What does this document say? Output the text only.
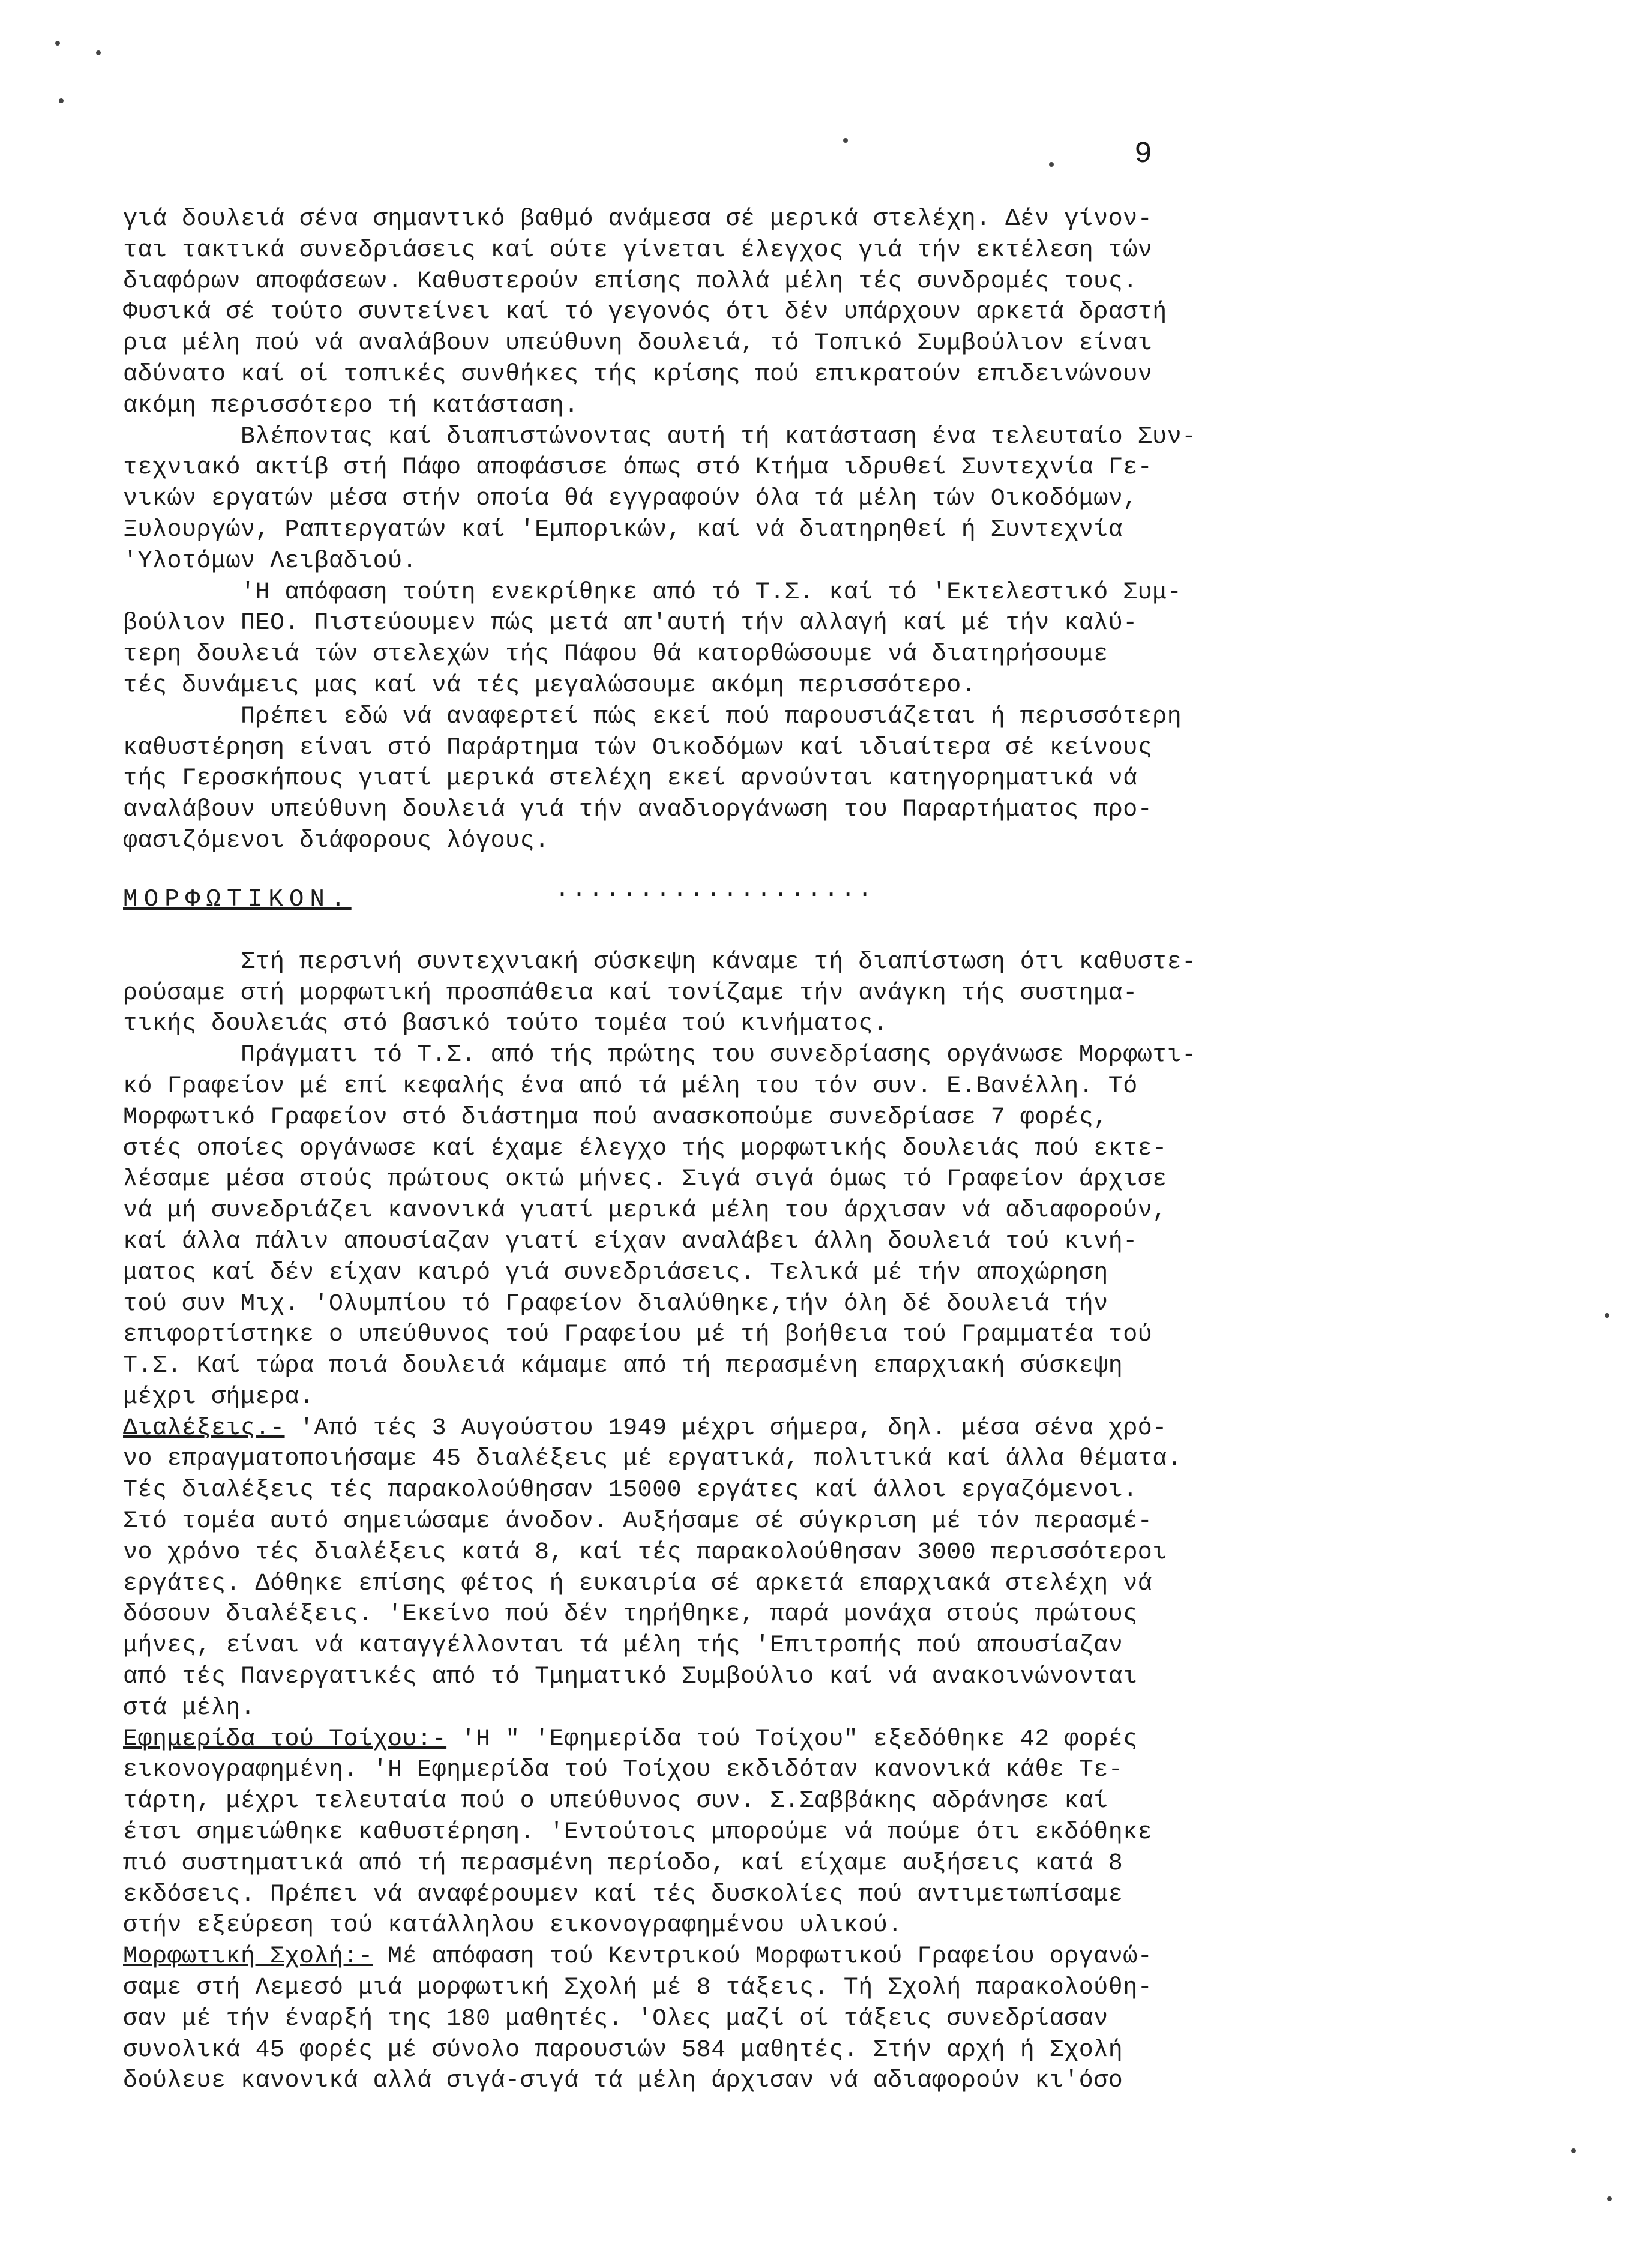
9

γιά δουλειά σένα σημαντικό βαθμό ανάμεσα σέ μερικά στελέχη. Δέν γίνον-
ται τακτικά συνεδριάσεις καί ούτε γίνεται έλεγχος γιά τήν εκτέλεση τών
διαφόρων αποφάσεων. Καθυστερούν επίσης πολλά μέλη τές συνδρομές τους.
Φυσικά σέ τούτο συντείνει καί τό γεγονός ότι δέν υπάρχουν αρκετά δραστή
ρια μέλη πού νά αναλάβουν υπεύθυνη δουλειά, τό Τοπικό Συμβούλιον είναι
αδύνατο καί οί τοπικές συνθήκες τής κρίσης πού επικρατούν επιδεινώνουν
ακόμη περισσότερο τή κατάσταση.

Βλέποντας καί διαπιστώνοντας αυτή τή κατάσταση ένα τελευταίο Συν-
τεχνιακό ακτίβ στή Πάφο απoφάσισε όπως στό Κτήμα ιδρυθεί Συντεχνία Γε-
νικών εργατών μέσα στήν οποία θά εγγραφούν όλα τά μέλη τών Οικοδόμων,
Ξυλουργών, Ραπτεργατών καί 'Εμπορικών, καί νά διατηρηθεί ή Συντεχνία
'Υλοτόμων Λειβαδιού.

'Η απόφαση τούτη ενεκρίθηκε από τό Τ.Σ. καί τό 'Εκτελεστικό Συμ-
βούλιον ΠΕΟ. Πιστεύουμεν πώς μετά απ'αυτή τήν αλλαγή καί μέ τήν καλύ-
τερη δουλειά τών στελεχών τής Πάφου θά κατορθώσουμε νά διατηρήσουμε
τές δυνάμεις μας καί νά τές μεγαλώσουμε ακόμη περισσότερο.

Πρέπει εδώ νά αναφερτεί πώς εκεί πού παρουσιάζεται ή περισσότερη
καθυστέρηση είναι στό Παράρτημα τών Οικοδόμων καί ιδιαίτερα σέ κείνους
τής Γεροσκήπους γιατί μερικά στελέχη εκεί αρνούνται κατηγορηματικά νά
αναλάβουν υπεύθυνη δουλειά γιά τήν αναδιοργάνωση του Παραρτήματος προ-
φασιζόμενοι διάφορους λόγους.

ΜΟΡΦΩΤΙΚΟΝ.	...................

Στή περσινή συντεχνιακή σύσκεψη κάναμε τή διαπίστωση ότι καθυστε-
ρούσαμε στή μορφωτική προσπάθεια καί τονίζαμε τήν ανάγκη τής συστημα-
τικής δουλειάς στό βασικό τούτο τομέα τού κινήματος.

Πράγματι τό Τ.Σ. από τής πρώτης του συνεδρίασης οργάνωσε Μορφωτι-
κό Γραφείον μέ επί κεφαλής ένα από τά μέλη του τόν συν. Ε.Βανέλλη. Τό
Μορφωτικό Γραφείον στό διάστημα πού ανασκοπούμε συνεδρίασε 7 φορές,
στές οποίες οργάνωσε καί έχαμε έλεγχο τής μορφωτικής δουλειάς πού εκτε-
λέσαμε μέσα στούς πρώτους οκτώ μήνες. Σιγά σιγά όμως τό Γραφείον άρχισε
νά μή συνεδριάζει κανονικά γιατί μερικά μέλη του άρχισαν νά αδιαφορούν,
καί άλλα πάλιν απουσίαζαν γιατί είχαν αναλάβει άλλη δουλειά τού κινή-
ματος καί δέν είχαν καιρό γιά συνεδριάσεις. Τελικά μέ τήν αποχώρηση
τού συν Μιχ. 'Ολυμπίου τό Γραφείον διαλύθηκε,τήν όλη δέ δουλειά τήν
επιφορτίστηκε ο υπεύθυνος τού Γραφείου μέ τή βοήθεια τού Γραμματέα τού
Τ.Σ. Καί τώρα ποιά δουλειά κάμαμε από τή περασμένη επαρχιακή σύσκεψη
μέχρι σήμερα.

Διαλέξεις.- 'Από τές 3 Αυγούστου 1949 μέχρι σήμερα, δηλ. μέσα σένα χρό-
νο επραγματοποιήσαμε 45 διαλέξεις μέ εργατικά, πολιτικά καί άλλα θέματα.
Τές διαλέξεις τές παρακολούθησαν 15000 εργάτες καί άλλοι εργαζόμενοι.
Στό τομέα αυτό σημειώσαμε άνοδον. Αυξήσαμε σέ σύγκριση μέ τόν περασμέ-
νο χρόνο τές διαλέξεις κατά 8, καί τές παρακολούθησαν 3000 περισσότεροι
εργάτες. Δόθηκε επίσης φέτος ή ευκαιρία σέ αρκετά επαρχιακά στελέχη νά
δόσουν διαλέξεις. 'Εκείνο πού δέν τηρήθηκε, παρά μονάχα στούς πρώτους
μήνες, είναι νά καταγγέλλονται τά μέλη τής 'Επιτροπής πού απουσίαζαν
από τές Πανεργατικές από τό Τμηματικό Συμβούλιο καί νά ανακοινώνονται
στά μέλη.

Εφημερίδα τού Τοίχου:- 'Η " 'Εφημερίδα τού Τοίχου" εξεδόθηκε 42 φορές
εικονογραφημένη. 'Η Εφημερίδα τού Τοίχου εκδιδόταν κανονικά κάθε Τε-
τάρτη, μέχρι τελευταία πού ο υπεύθυνος συν. Σ.Σαββάκης αδράνησε καί
έτσι σημειώθηκε καθυστέρηση. 'Εντούτοις μπορούμε νά πούμε ότι εκδόθηκε
πιό συστηματικά από τή περασμένη περίοδο, καί είχαμε αυξήσεις κατά 8
εκδόσεις. Πρέπει νά αναφέρουμεν καί τές δυσκολίες πού αντιμετωπίσαμε
στήν εξεύρεση τού κατάλληλου εικονογραφημένου υλικού.

Μορφωτική Σχολή:- Μέ απόφαση τού Κεντρικού Μορφωτικού Γραφείου οργανώ-
σαμε στή Λεμεσό μιά μορφωτική Σχολή μέ 8 τάξεις. Τή Σχολή παρακολούθη-
σαν μέ τήν έναρξή της 180 μαθητές. 'Ολες μαζί οί τάξεις συνεδρίασαν
συνολικά 45 φορές μέ σύνολο παρουσιών 584 μαθητές. Στήν αρχή ή Σχολή
δούλευε κανονικά αλλά σιγά-σιγά τά μέλη άρχισαν νά αδιαφορούν κι'όσο
